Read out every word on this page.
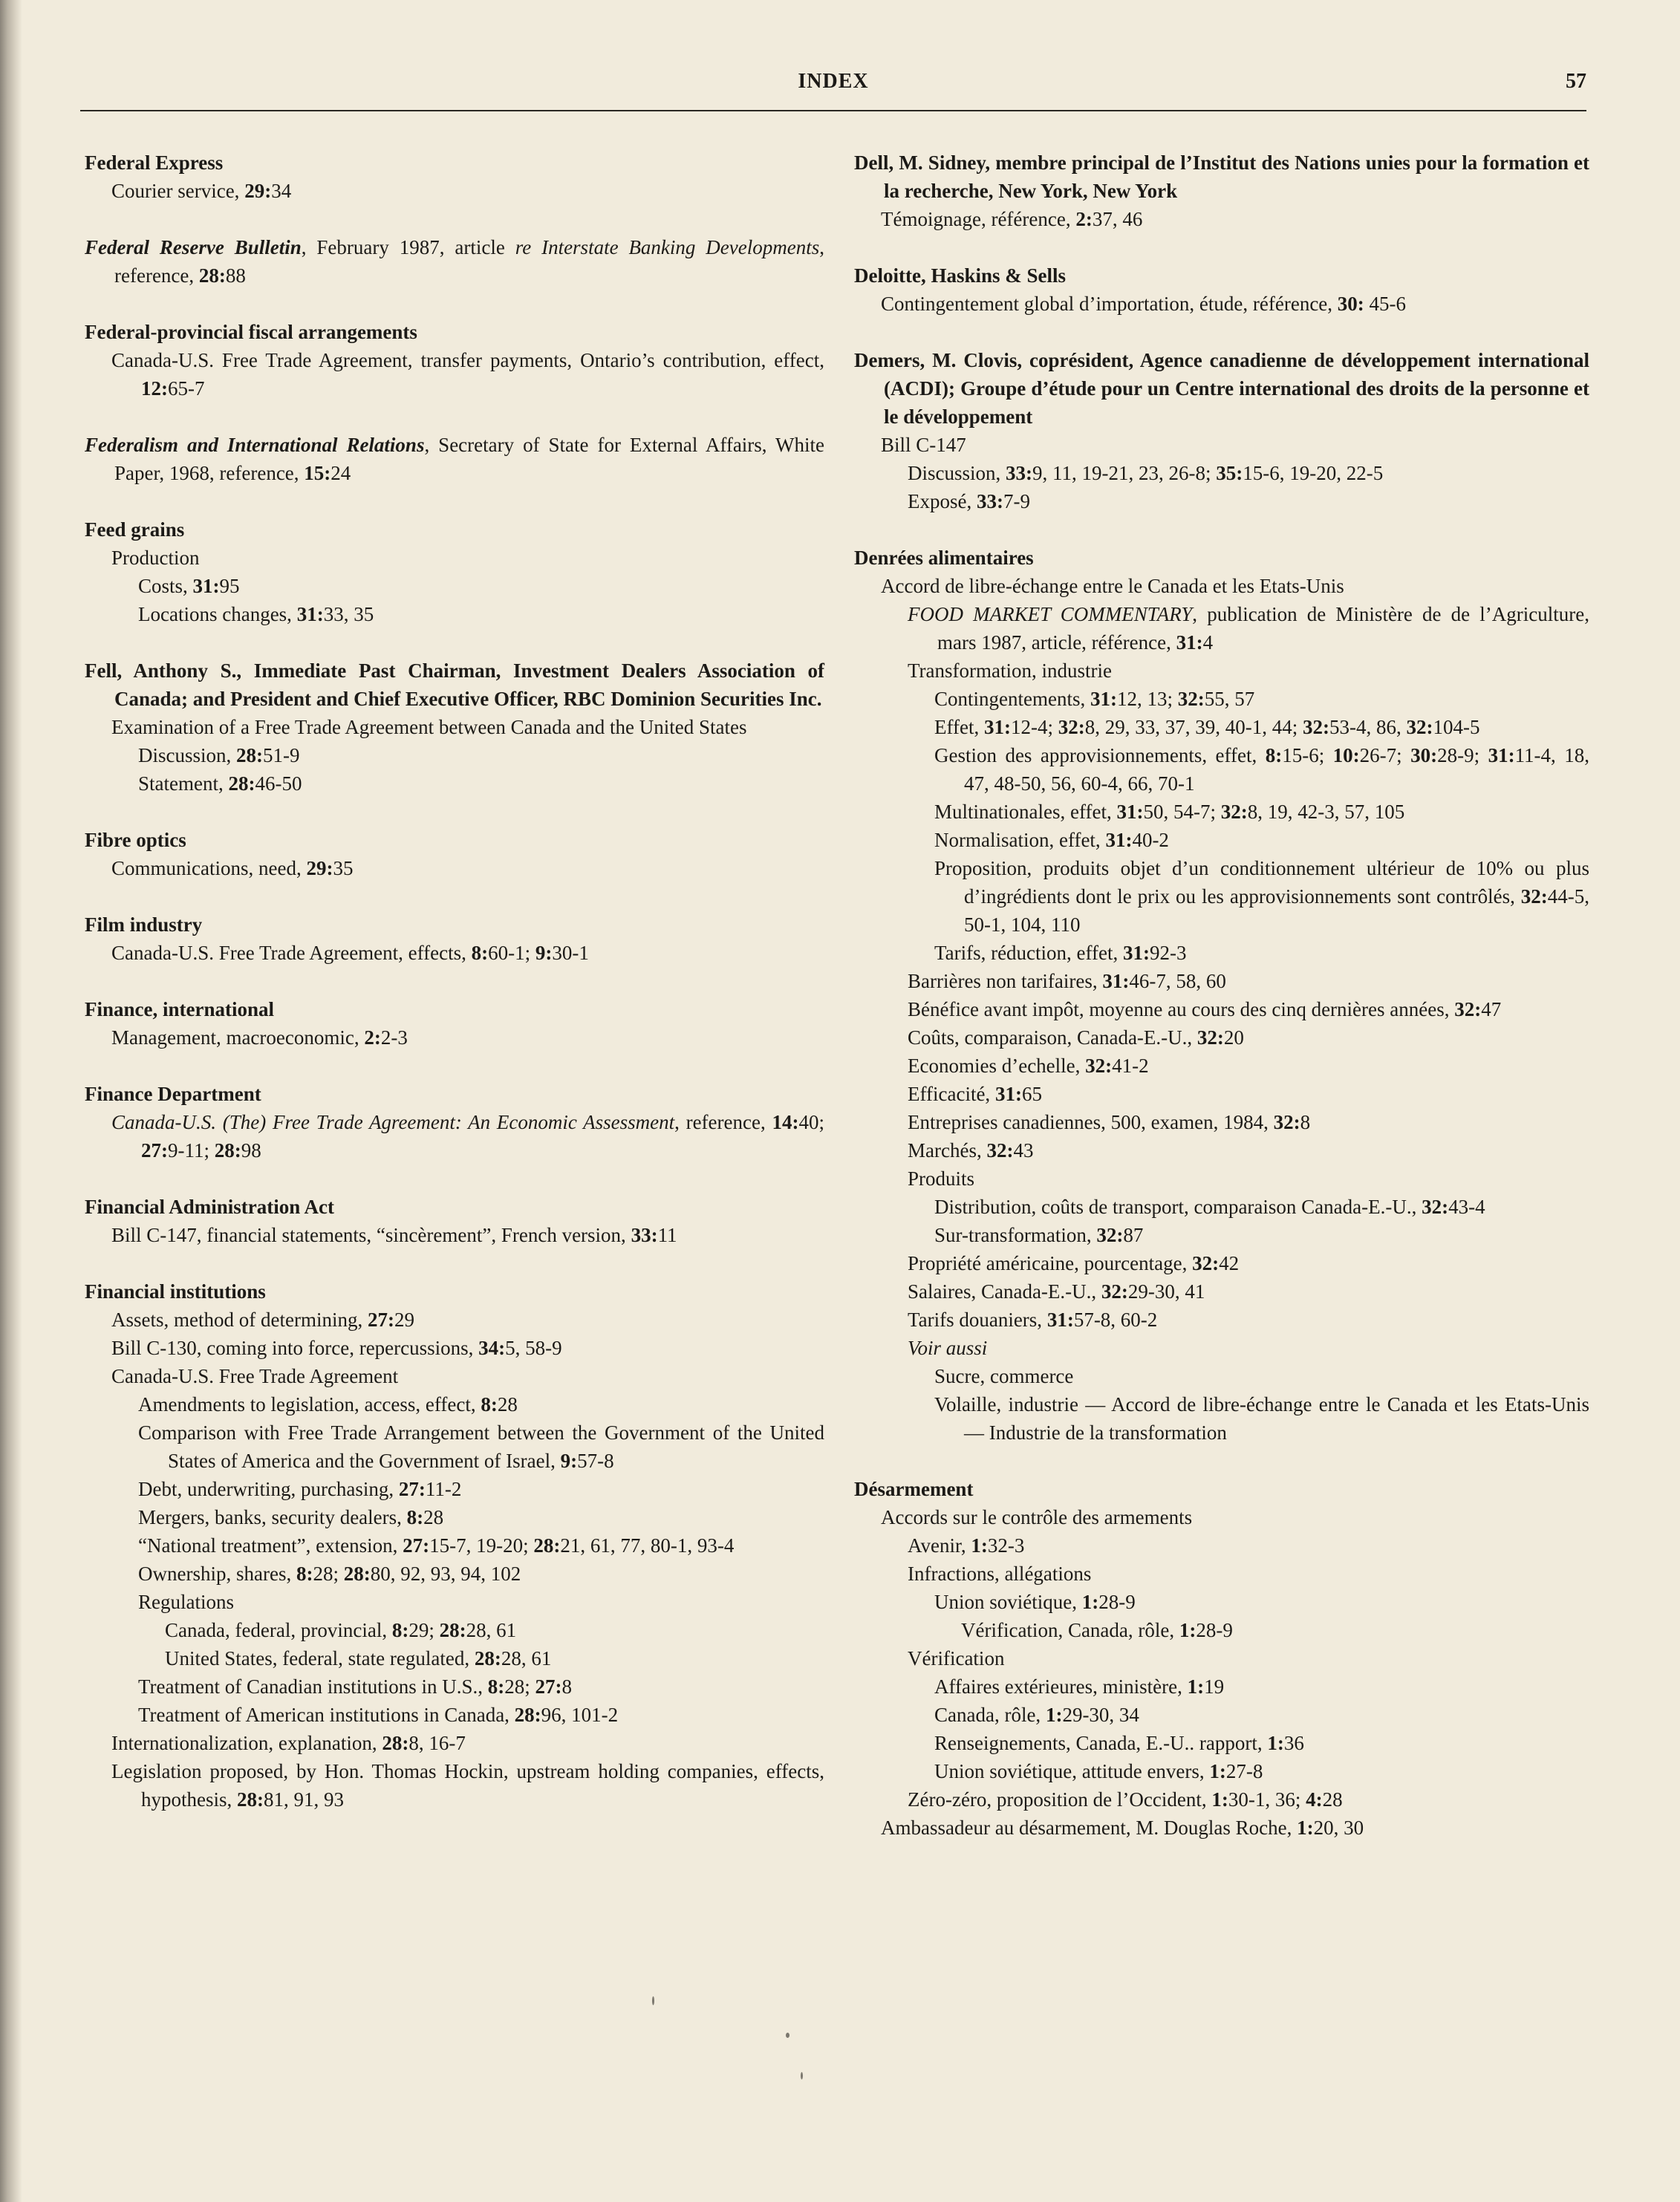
INDEX	57
Federal Express
Courier service, 29:34
Federal Reserve Bulletin, February 1987, article re Interstate Banking Developments, reference, 28:88
Federal-provincial fiscal arrangements
Canada-U.S. Free Trade Agreement, transfer payments, Ontario’s contribution, effect, 12:65-7
Federalism and International Relations, Secretary of State for External Affairs, White Paper, 1968, reference, 15:24
Feed grains
Production
Costs, 31:95
Locations changes, 31:33, 35
Fell, Anthony S., Immediate Past Chairman, Investment Dealers Association of Canada; and President and Chief Executive Officer, RBC Dominion Securities Inc.
Examination of a Free Trade Agreement between Canada and the United States
Discussion, 28:51-9
Statement, 28:46-50
Fibre optics
Communications, need, 29:35
Film industry
Canada-U.S. Free Trade Agreement, effects, 8:60-1; 9:30-1
Finance, international
Management, macroeconomic, 2:2-3
Finance Department
Canada-U.S. (The) Free Trade Agreement: An Economic Assessment, reference, 14:40; 27:9-11; 28:98
Financial Administration Act
Bill C-147, financial statements, “sincèrement”, French version, 33:11
Financial institutions
Assets, method of determining, 27:29
Bill C-130, coming into force, repercussions, 34:5, 58-9
Canada-U.S. Free Trade Agreement
Amendments to legislation, access, effect, 8:28
Comparison with Free Trade Arrangement between the Government of the United States of America and the Government of Israel, 9:57-8
Debt, underwriting, purchasing, 27:11-2
Mergers, banks, security dealers, 8:28
“National treatment”, extension, 27:15-7, 19-20; 28:21, 61, 77, 80-1, 93-4
Ownership, shares, 8:28; 28:80, 92, 93, 94, 102
Regulations
Canada, federal, provincial, 8:29; 28:28, 61
United States, federal, state regulated, 28:28, 61
Treatment of Canadian institutions in U.S., 8:28; 27:8
Treatment of American institutions in Canada, 28:96, 101-2
Internationalization, explanation, 28:8, 16-7
Legislation proposed, by Hon. Thomas Hockin, upstream holding companies, effects, hypothesis, 28:81, 91, 93
Dell, M. Sidney, membre principal de l’Institut des Nations unies pour la formation et la recherche, New York, New York
Témoignage, référence, 2:37, 46
Deloitte, Haskins & Sells
Contingentement global d’importation, étude, référence, 30: 45-6
Demers, M. Clovis, coprésident, Agence canadienne de développement international (ACDI); Groupe d’étude pour un Centre international des droits de la personne et le développement
Bill C-147
Discussion, 33:9, 11, 19-21, 23, 26-8; 35:15-6, 19-20, 22-5
Exposé, 33:7-9
Denrées alimentaires
Accord de libre-échange entre le Canada et les Etats-Unis
FOOD MARKET COMMENTARY, publication de Ministère de de l’Agriculture, mars 1987, article, référence, 31:4
Transformation, industrie
Contingentements, 31:12, 13; 32:55, 57
Effet, 31:12-4; 32:8, 29, 33, 37, 39, 40-1, 44; 32:53-4, 86, 32:104-5
Gestion des approvisionnements, effet, 8:15-6; 10:26-7; 30:28-9; 31:11-4, 18, 47, 48-50, 56, 60-4, 66, 70-1
Multinationales, effet, 31:50, 54-7; 32:8, 19, 42-3, 57, 105
Normalisation, effet, 31:40-2
Proposition, produits objet d’un conditionnement ultérieur de 10% ou plus d’ingrédients dont le prix ou les approvisionnements sont contrôlés, 32:44-5, 50-1, 104, 110
Tarifs, réduction, effet, 31:92-3
Barrières non tarifaires, 31:46-7, 58, 60
Bénéfice avant impôt, moyenne au cours des cinq dernières années, 32:47
Coûts, comparaison, Canada-E.-U., 32:20
Economies d’echelle, 32:41-2
Efficacité, 31:65
Entreprises canadiennes, 500, examen, 1984, 32:8
Marchés, 32:43
Produits
Distribution, coûts de transport, comparaison Canada-E.-U., 32:43-4
Sur-transformation, 32:87
Propriété américaine, pourcentage, 32:42
Salaires, Canada-E.-U., 32:29-30, 41
Tarifs douaniers, 31:57-8, 60-2
Voir aussi
Sucre, commerce
Volaille, industrie — Accord de libre-échange entre le Canada et les Etats-Unis — Industrie de la transformation
Désarmement
Accords sur le contrôle des armements
Avenir, 1:32-3
Infractions, allégations
Union soviétique, 1:28-9
Vérification, Canada, rôle, 1:28-9
Vérification
Affaires extérieures, ministère, 1:19
Canada, rôle, 1:29-30, 34
Renseignements, Canada, E.-U.. rapport, 1:36
Union soviétique, attitude envers, 1:27-8
Zéro-zéro, proposition de l’Occident, 1:30-1, 36; 4:28
Ambassadeur au désarmement, M. Douglas Roche, 1:20, 30
